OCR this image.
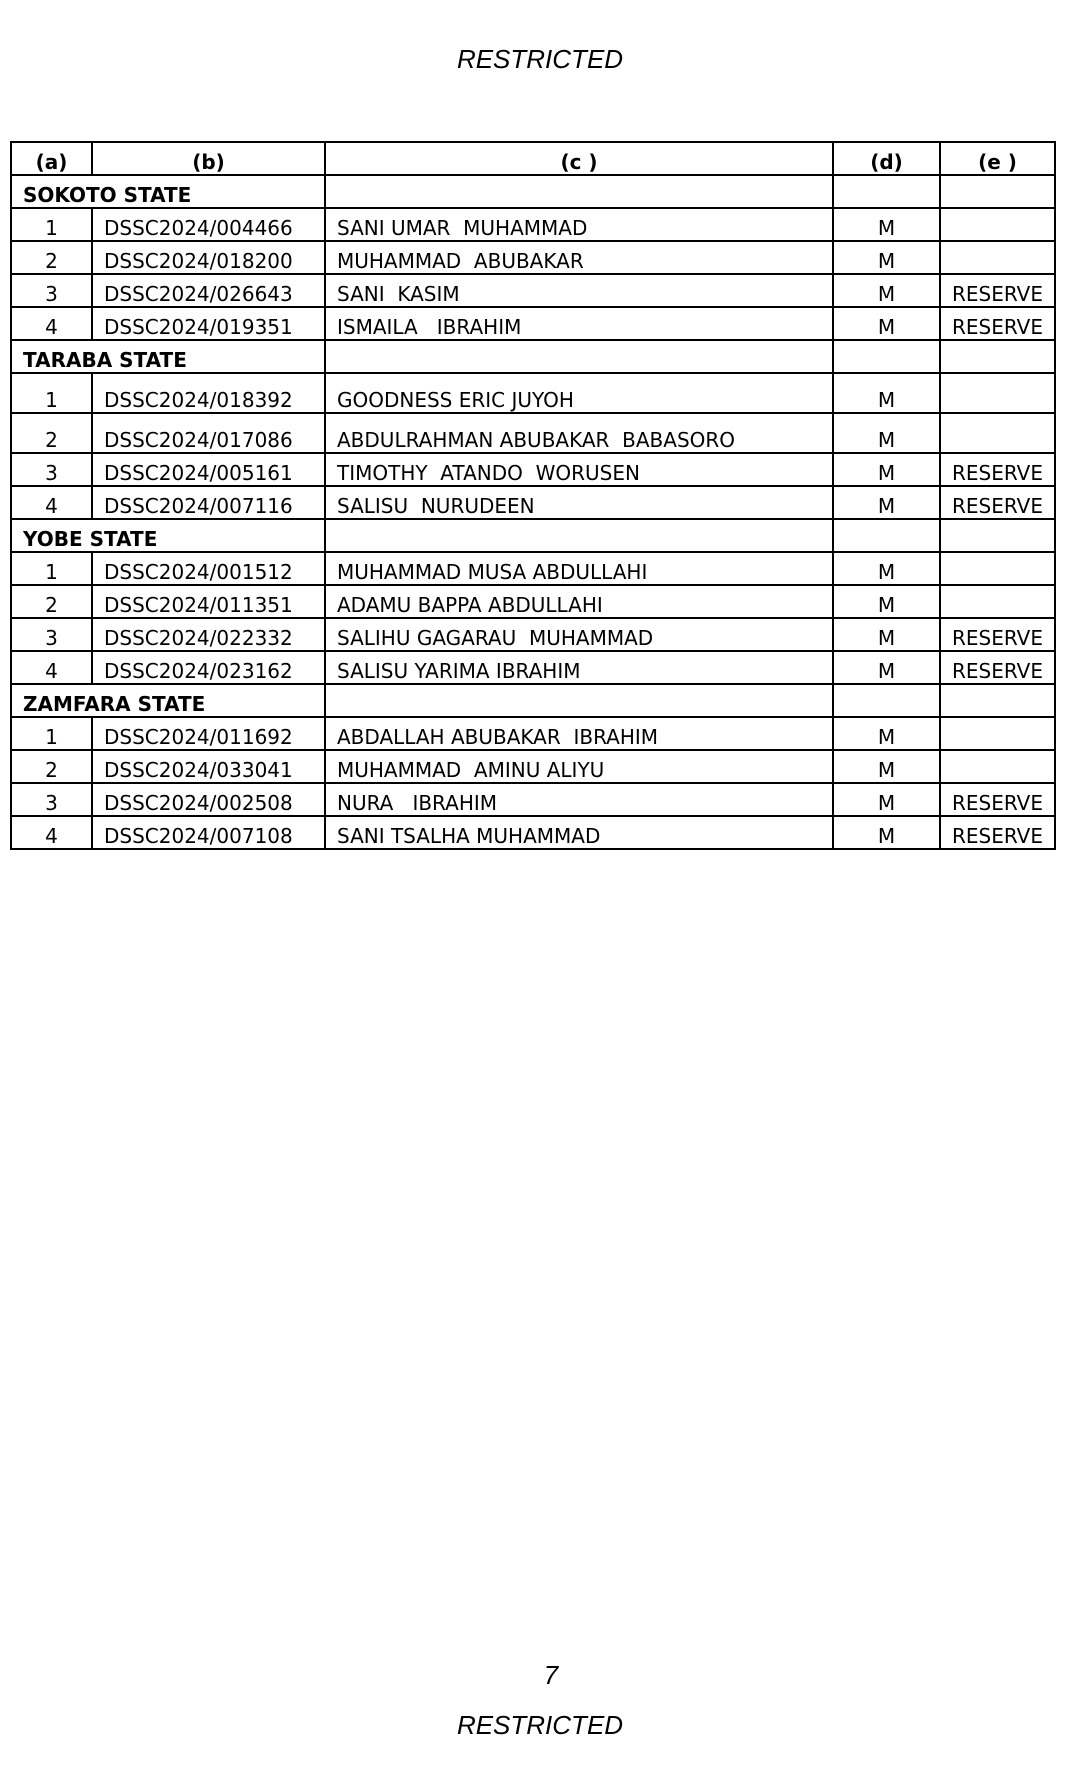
RESTRICTED
(a)	(b)	(c )	(d)	(e )
SOKOTO STATE				
1	DSSC2024/004466	SANI UMAR  MUHAMMAD	M	
2	DSSC2024/018200	MUHAMMAD  ABUBAKAR	M	
3	DSSC2024/026643	SANI  KASIM	M	RESERVE
4	DSSC2024/019351	ISMAILA   IBRAHIM	M	RESERVE
TARABA STATE				
1	DSSC2024/018392	GOODNESS ERIC JUYOH	M	
2	DSSC2024/017086	ABDULRAHMAN ABUBAKAR  BABASORO	M	
3	DSSC2024/005161	TIMOTHY  ATANDO  WORUSEN	M	RESERVE
4	DSSC2024/007116	SALISU  NURUDEEN	M	RESERVE
YOBE STATE				
1	DSSC2024/001512	MUHAMMAD MUSA ABDULLAHI	M	
2	DSSC2024/011351	ADAMU BAPPA ABDULLAHI	M	
3	DSSC2024/022332	SALIHU GAGARAU  MUHAMMAD	M	RESERVE
4	DSSC2024/023162	SALISU YARIMA IBRAHIM	M	RESERVE
ZAMFARA STATE				
1	DSSC2024/011692	ABDALLAH ABUBAKAR  IBRAHIM	M	
2	DSSC2024/033041	MUHAMMAD  AMINU ALIYU	M	
3	DSSC2024/002508	NURA   IBRAHIM	M	RESERVE
4	DSSC2024/007108	SANI TSALHA MUHAMMAD	M	RESERVE
7
RESTRICTED
